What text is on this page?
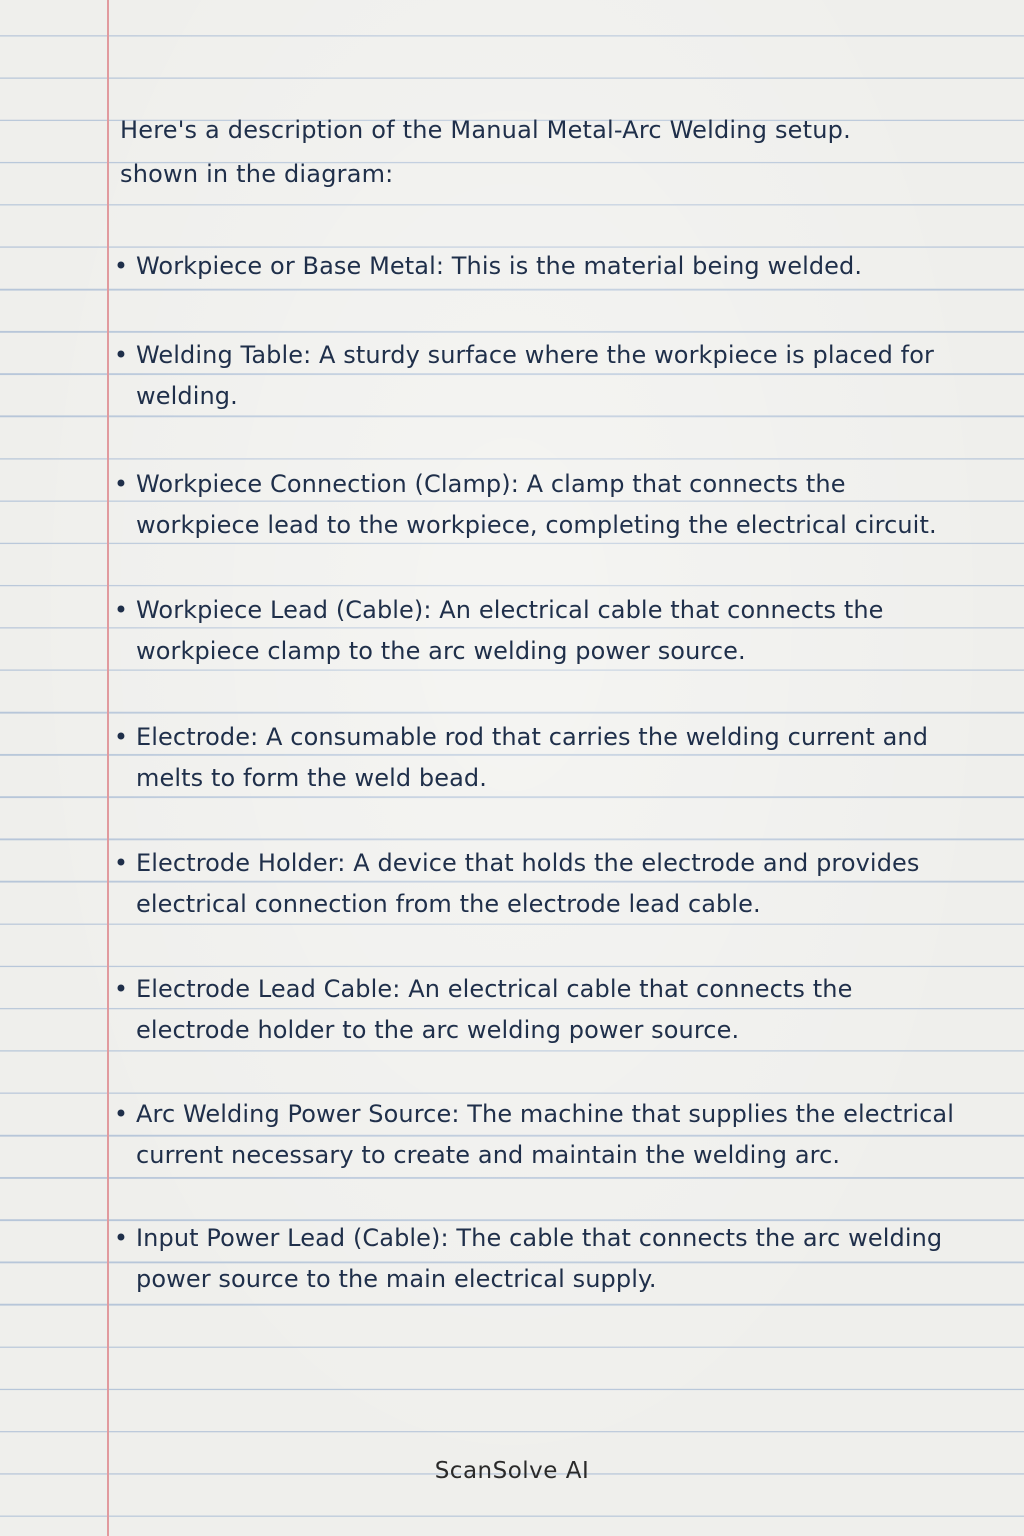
Here's a description of the Manual Metal-Arc Welding setup. shown in the diagram:
• Workpiece or Base Metal: This is the material being welded.
• Welding Table: A sturdy surface where the workpiece is placed for welding.
• Workpiece Connection (Clamp): A clamp that connects the workpiece lead to the workpiece, completing the electrical circuit.
• Workpiece Lead (Cable): An electrical cable that connects the workpiece clamp to the arc welding power source.
• Electrode: A consumable rod that carries the welding current and melts to form the weld bead.
• Electrode Holder: A device that holds the electrode and provides electrical connection from the electrode lead cable.
• Electrode Lead Cable: An electrical cable that connects the electrode holder to the arc welding power source.
• Arc Welding Power Source: The machine that supplies the electrical current necessary to create and maintain the welding arc.
• Input Power Lead (Cable): The cable that connects the arc welding power source to the main electrical supply.
ScanSolve AI
